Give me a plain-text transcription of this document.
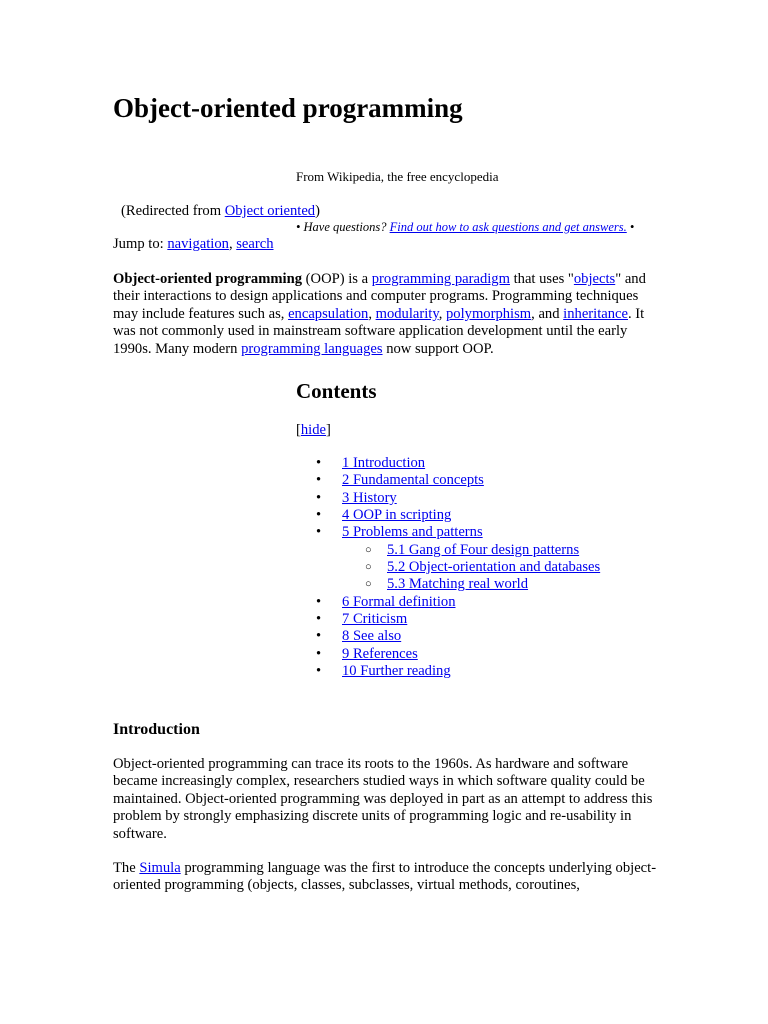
Object-oriented programming
From Wikipedia, the free encyclopedia
(Redirected from Object oriented)
• Have questions? Find out how to ask questions and get answers. •
Jump to: navigation, search

Object-oriented programming (OOP) is a programming paradigm that uses "objects" and their interactions to design applications and computer programs. Programming techniques may include features such as, encapsulation, modularity, polymorphism, and inheritance. It was not commonly used in mainstream software application development until the early 1990s. Many modern programming languages now support OOP.

Contents
[hide]
• 1 Introduction
• 2 Fundamental concepts
• 3 History
• 4 OOP in scripting
• 5 Problems and patterns
○ 5.1 Gang of Four design patterns
○ 5.2 Object-orientation and databases
○ 5.3 Matching real world
• 6 Formal definition
• 7 Criticism
• 8 See also
• 9 References
• 10 Further reading
Introduction

Object-oriented programming can trace its roots to the 1960s. As hardware and software became increasingly complex, researchers studied ways in which software quality could be maintained. Object-oriented programming was deployed in part as an attempt to address this problem by strongly emphasizing discrete units of programming logic and re-usability in software.

The Simula programming language was the first to introduce the concepts underlying object-oriented programming (objects, classes, subclasses, virtual methods, coroutines,
